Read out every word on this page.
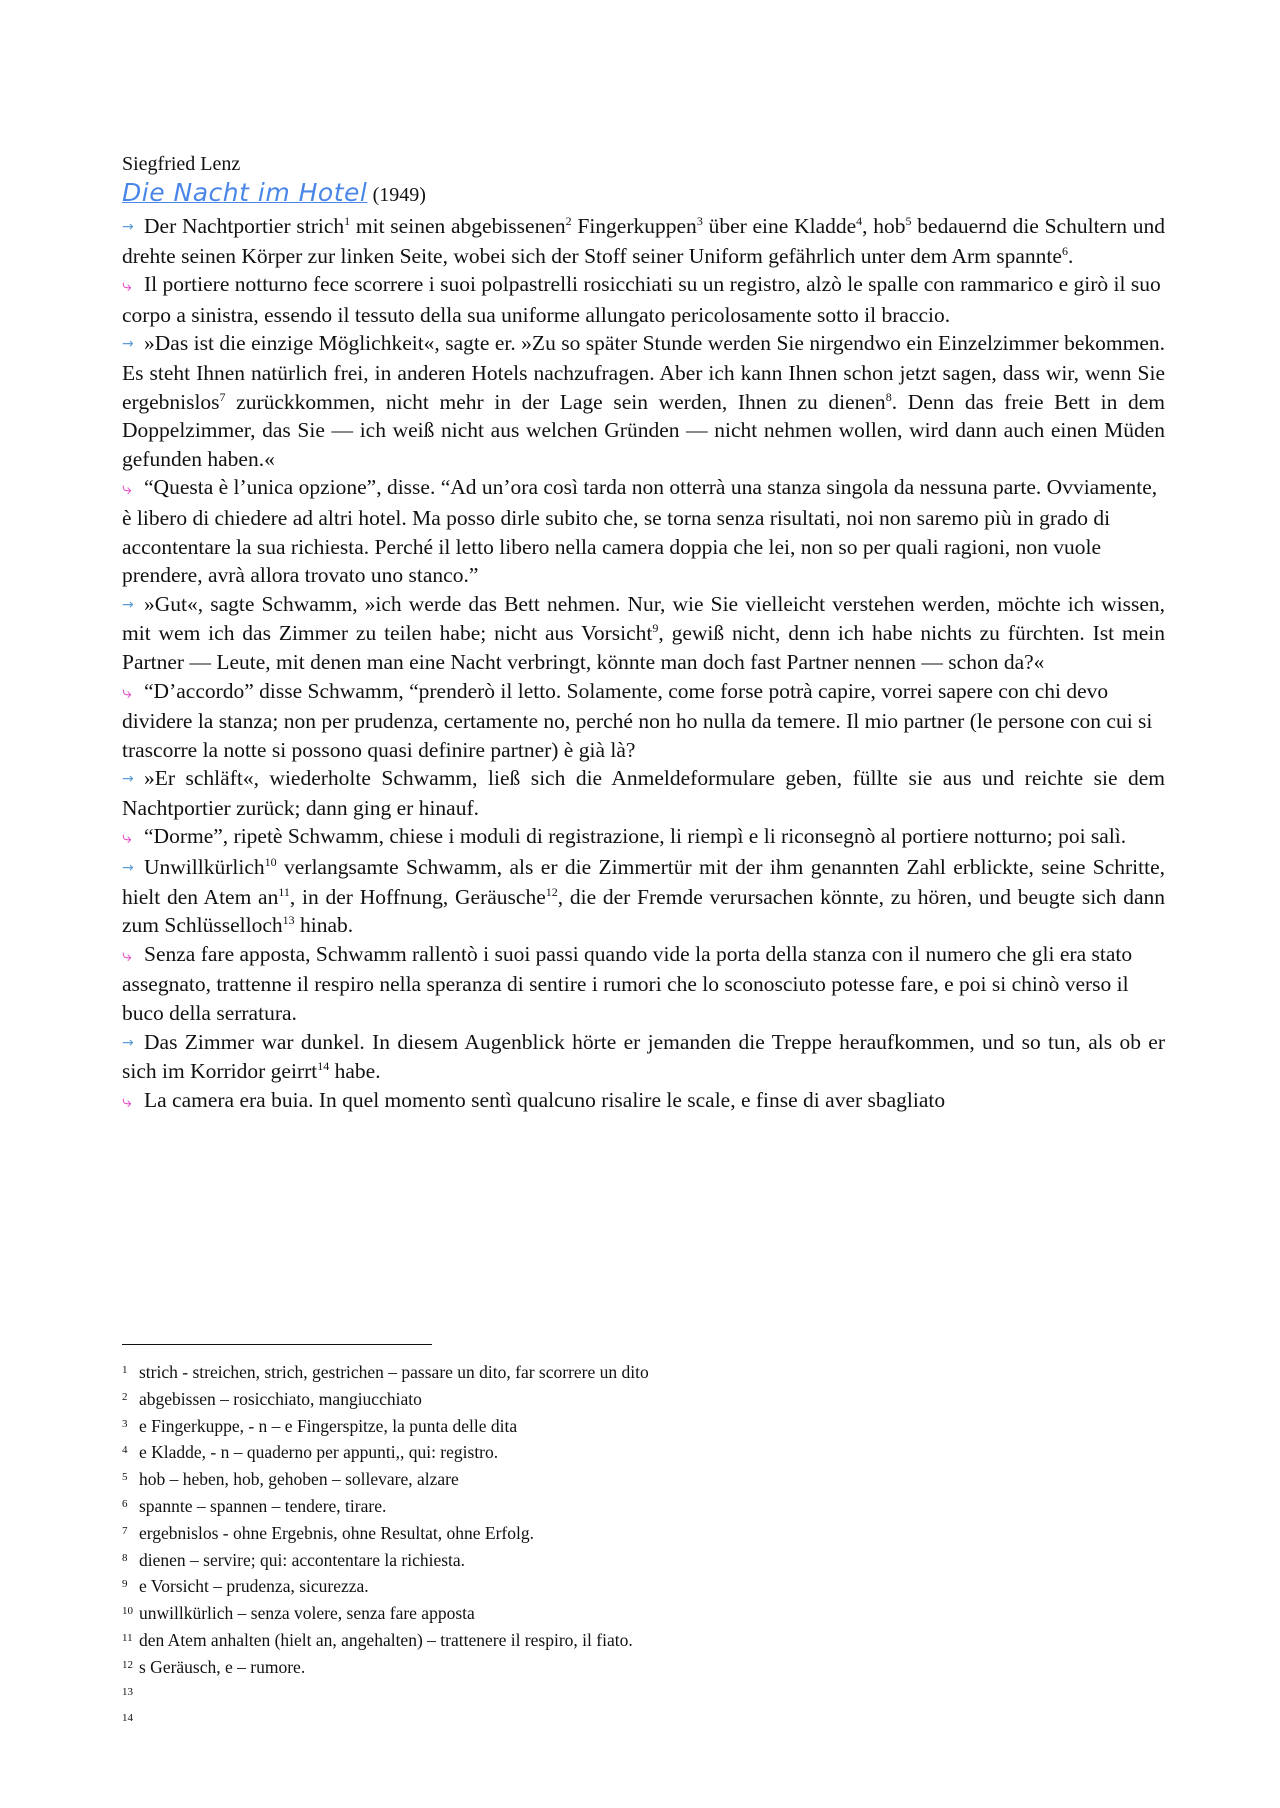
Siegfried Lenz

Die Nacht im Hotel (1949)

→ Der Nachtportier strich$^1$ mit seinen abgebissenen$^2$ Fingerkuppen$^3$ über eine Kladde$^4$, hob$^5$ bedauernd die Schultern und drehte seinen Körper zur linken Seite, wobei sich der Stoff seiner Uniform gefährlich unter dem Arm spannte$^6$.

⤷ Il portiere notturno fece scorrere i suoi polpastrelli rosicchiati su un registro, alzò le spalle con rammarico e girò il suo corpo a sinistra, essendo il tessuto della sua uniforme allungato pericolosamente sotto il braccio.

→ »Das ist die einzige Möglichkeit«, sagte er. »Zu so später Stunde werden Sie nirgendwo ein Einzelzimmer bekommen. Es steht Ihnen natürlich frei, in anderen Hotels nachzufragen. Aber ich kann Ihnen schon jetzt sagen, dass wir, wenn Sie ergebnislos$^7$ zurückkommen, nicht mehr in der Lage sein werden, Ihnen zu dienen$^8$. Denn das freie Bett in dem Doppelzimmer, das Sie — ich weiß nicht aus welchen Gründen — nicht nehmen wollen, wird dann auch einen Müden gefunden haben.«

⤷ “Questa è l’unica opzione”, disse. “Ad un’ora così tarda non otterrà una stanza singola da nessuna parte. Ovviamente, è libero di chiedere ad altri hotel. Ma posso dirle subito che, se torna senza risultati, noi non saremo più in grado di accontentare la sua richiesta. Perché il letto libero nella camera doppia che lei, non so per quali ragioni, non vuole prendere, avrà allora trovato uno stanco.”

→ »Gut«, sagte Schwamm, »ich werde das Bett nehmen. Nur, wie Sie vielleicht verstehen werden, möchte ich wissen, mit wem ich das Zimmer zu teilen habe; nicht aus Vorsicht$^9$, gewiß nicht, denn ich habe nichts zu fürchten. Ist mein Partner — Leute, mit denen man eine Nacht verbringt, könnte man doch fast Partner nennen — schon da?«

⤷ “D’accordo” disse Schwamm, “prenderò il letto. Solamente, come forse potrà capire, vorrei sapere con chi devo dividere la stanza; non per prudenza, certamente no, perché non ho nulla da temere. Il mio partner (le persone con cui si trascorre la notte si possono quasi definire partner) è già là?

→ »Er schläft«, wiederholte Schwamm, ließ sich die Anmeldeformulare geben, füllte sie aus und reichte sie dem Nachtportier zurück; dann ging er hinauf.

⤷ “Dorme”, ripetè Schwamm, chiese i moduli di registrazione, li riempì e li riconsegnò al portiere notturno; poi salì.

→ Unwillkürlich$^{10}$ verlangsamte Schwamm, als er die Zimmertür mit der ihm genannten Zahl erblickte, seine Schritte, hielt den Atem $an^{11}$, in der Hoffnung, Geräusche$^{12}$, die der Fremde verursachen könnte, zu hören, und beugte sich dann zum Schlüsselloch$^{13}$ hinab.

⤷ Senza fare apposta, Schwamm rallentò i suoi passi quando vide la porta della stanza con il numero che gli era stato assegnato, trattenne il respiro nella speranza di sentire i rumori che lo sconosciuto potesse fare, e poi si chinò verso il buco della serratura.

→ Das Zimmer war dunkel. In diesem Augenblick hörte er jemanden die Treppe heraufkommen, und so tun, als ob er sich im Korridor geirrt$^{14}$ habe.

⤷ La camera era buia. In quel momento sentì qualcuno risalire le scale, e finse di aver sbagliato

1 strich - streichen, strich, gestrichen – passare un dito, far scorrere un dito

2 abgebissen – rosicchiato, mangiucchiato

3 e Fingerkuppe, - n – e Fingerspitze, la punta delle dita

4 e Kladde, - n – quaderno per appunti,, qui: registro.

5 hob – heben, hob, gehoben – sollevare, alzare

6 spannte – spannen – tendere, tirare.

7 ergebnislos - ohne Ergebnis, ohne Resultat, ohne Erfolg.

8 dienen – servire; qui: accontentare la richiesta.

9 e Vorsicht – prudenza, sicurezza.

10 unwillkürlich – senza volere, senza fare apposta

11 den Atem anhalten (hielt an, angehalten) – trattenere il respiro, il fiato.

12 s Geräusch, e – rumore.

13

14
